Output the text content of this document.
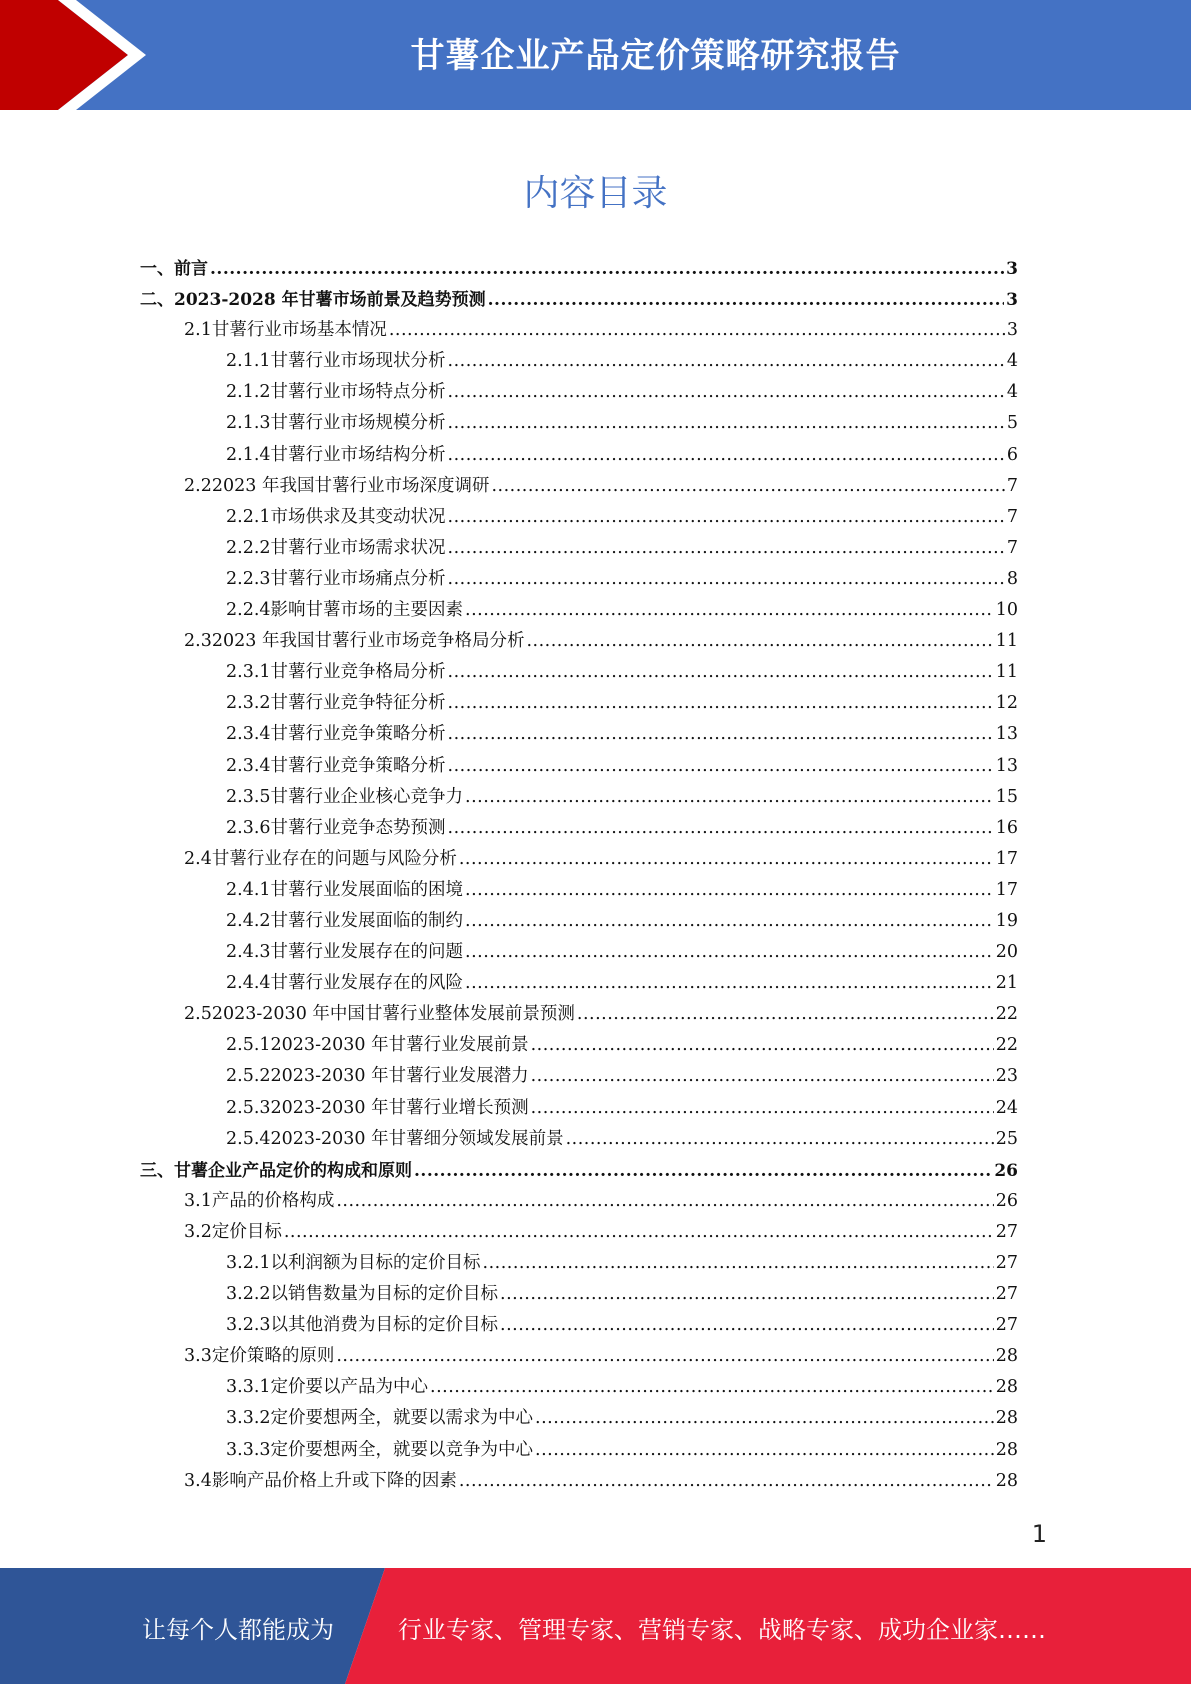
甘薯企业产品定价策略研究报告
内容目录
一、 前言 .....	3
二、 2023-2028 年甘薯市场前景及趋势预测 .....	3
2.1 甘薯行业市场基本情况 .....	3
2.1.1 甘薯行业市场现状分析 .....	4
2.1.2 甘薯行业市场特点分析 .....	4
2.1.3 甘薯行业市场规模分析 .....	5
2.1.4 甘薯行业市场结构分析 .....	6
2.2 2023 年我国甘薯行业市场深度调研 .....	7
2.2.1 市场供求及其变动状况 .....	7
2.2.2 甘薯行业市场需求状况 .....	7
2.2.3 甘薯行业市场痛点分析 .....	8
2.2.4 影响甘薯市场的主要因素 .....	10
2.3 2023 年我国甘薯行业市场竞争格局分析 .....	11
2.3.1 甘薯行业竞争格局分析 .....	11
2.3.2 甘薯行业竞争特征分析 .....	12
2.3.4 甘薯行业竞争策略分析 .....	13
2.3.4 甘薯行业竞争策略分析 .....	13
2.3.5 甘薯行业企业核心竞争力 .....	15
2.3.6 甘薯行业竞争态势预测 .....	16
2.4 甘薯行业存在的问题与风险分析 .....	17
2.4.1 甘薯行业发展面临的困境 .....	17
2.4.2 甘薯行业发展面临的制约 .....	19
2.4.3 甘薯行业发展存在的问题 .....	20
2.4.4 甘薯行业发展存在的风险 .....	21
2.5 2023-2030 年中国甘薯行业整体发展前景预测 .....	22
2.5.1 2023-2030 年甘薯行业发展前景 .....	22
2.5.2 2023-2030 年甘薯行业发展潜力 .....	23
2.5.3 2023-2030 年甘薯行业增长预测 .....	24
2.5.4 2023-2030 年甘薯细分领域发展前景 .....	25
三、 甘薯企业产品定价的构成和原则 .....	26
3.1 产品的价格构成 .....	26
3.2 定价目标 .....	27
3.2.1 以利润额为目标的定价目标 .....	27
3.2.2 以销售数量为目标的定价目标 .....	27
3.2.3 以其他消费为目标的定价目标 .....	27
3.3 定价策略的原则 .....	28
3.3.1 定价要以产品为中心 .....	28
3.3.2 定价要想两全，就要以需求为中心 .....	28
3.3.3 定价要想两全，就要以竞争为中心 .....	28
3.4 影响产品价格上升或下降的因素 .....	28
1
让每个人都能成为	行业专家、管理专家、营销专家、战略专家、成功企业家……
